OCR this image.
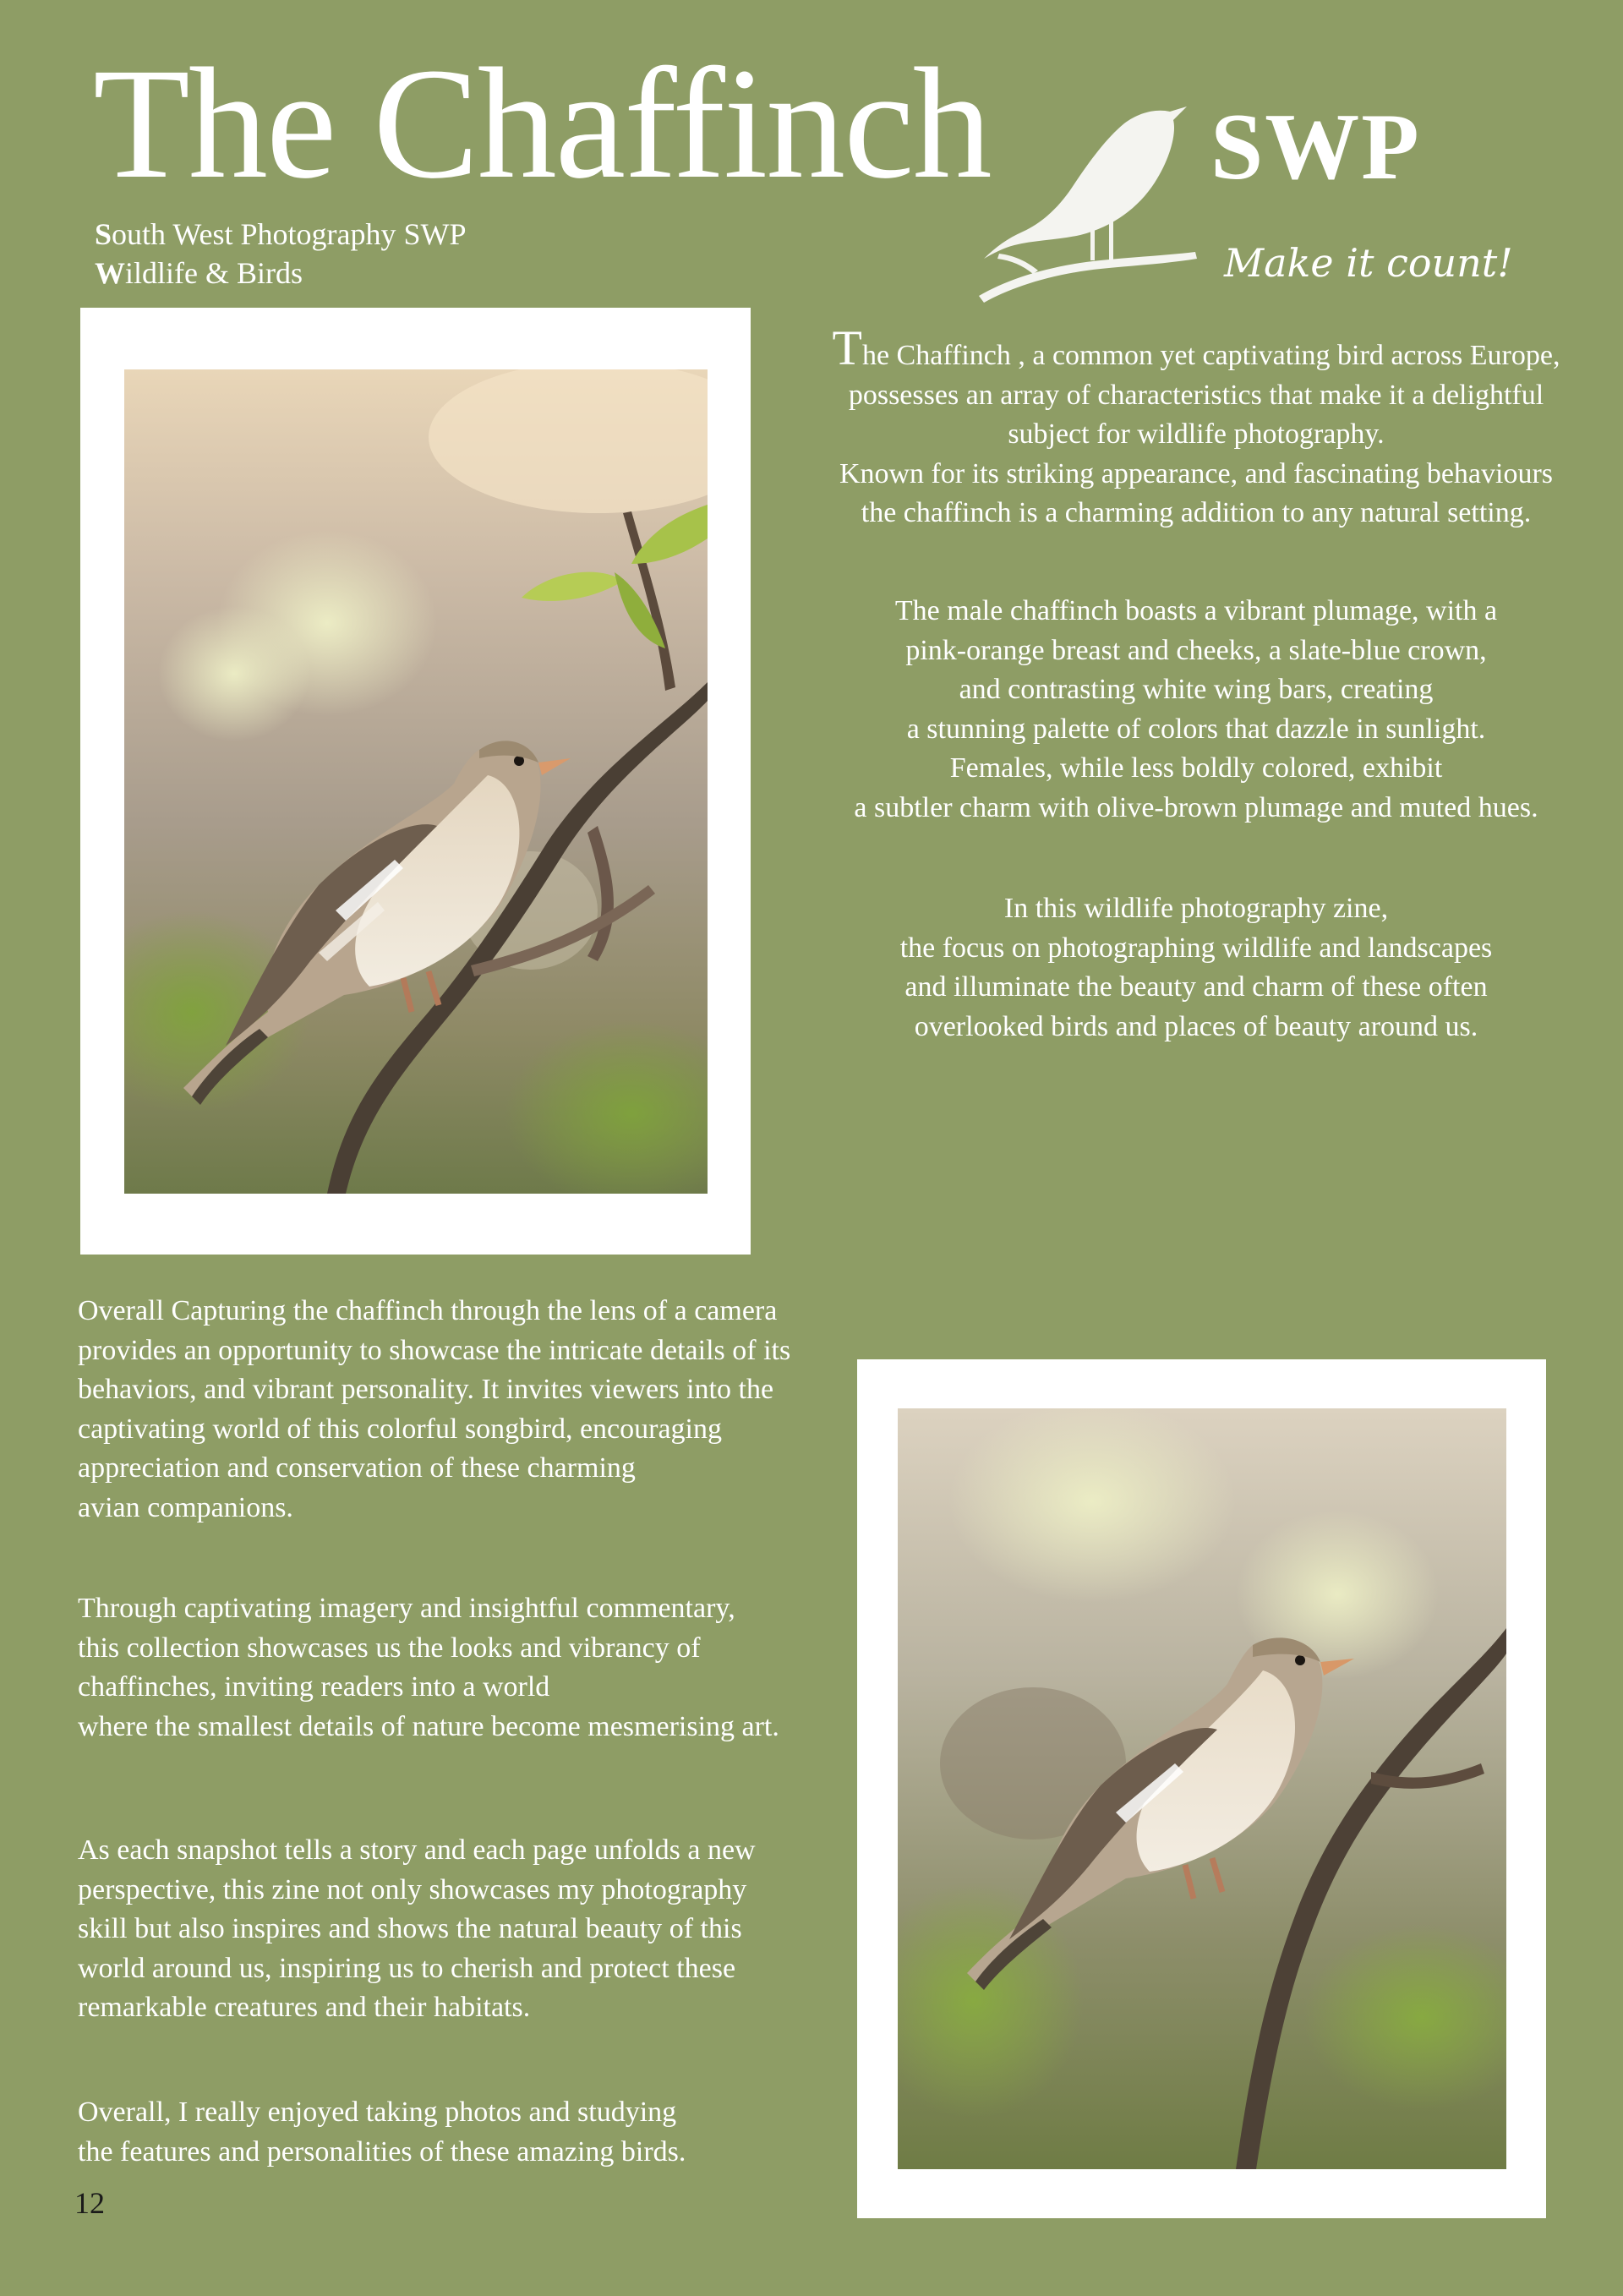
The Chaffinch
South West Photography SWP
Wildlife & Birds
SWP
Make it count!
The Chaffinch , a common yet captivating bird across Europe,
possesses an array of characteristics that make it a delightful
subject for wildlife photography.
Known for its striking appearance, and fascinating behaviours
the chaffinch is a charming addition to any natural setting.
The male chaffinch boasts a vibrant plumage, with a
pink-orange breast and cheeks, a slate-blue crown,
and contrasting white wing bars, creating
a stunning palette of colors that dazzle in sunlight.
Females, while less boldly colored, exhibit
a subtler charm with olive-brown plumage and muted hues.
In this wildlife photography zine,
the focus on photographing wildlife and landscapes
and illuminate the beauty and charm of these often
overlooked birds and places of beauty around us.
Overall Capturing the chaffinch through the lens of a camera
provides an opportunity to showcase the intricate details of its
behaviors, and vibrant personality. It invites viewers into the
captivating world of this colorful songbird, encouraging
appreciation and conservation of these charming
avian companions.
Through captivating imagery and insightful commentary,
this collection showcases us the looks and vibrancy of
chaffinches, inviting readers into a world
where the smallest details of nature become mesmerising art.
As each snapshot tells a story and each page unfolds a new
perspective, this zine not only showcases my photography
skill but also inspires and shows the natural beauty of this
world around us, inspiring us to cherish and protect these
remarkable creatures and their habitats.
Overall, I really enjoyed taking photos and studying
the features and personalities of these amazing birds.
12
